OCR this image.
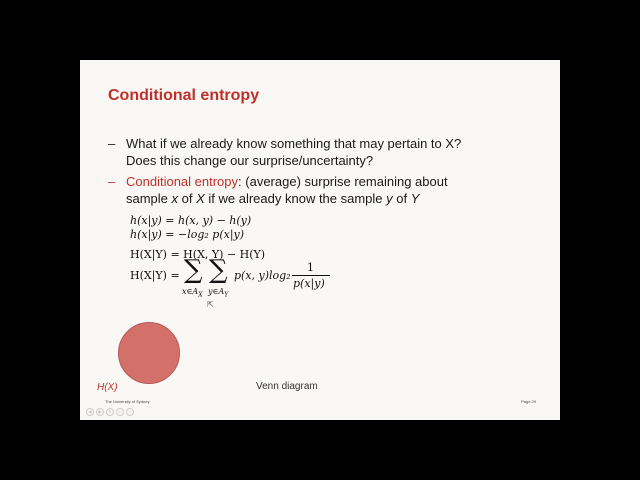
Conditional entropy
– What if we already know something that may pertain to X?
Does this change our surprise/uncertainty?
– Conditional entropy: (average) surprise remaining about
sample x of X if we already know the sample y of Y
h(x|y) = h(x, y) − h(y)
h(x|y) = −log₂ p(x|y)
H(X|Y) = H(X, Y) − H(Y)
H(X|Y) = ∑
$x\in A_X$
∑
$y\in A_Y$
p(x, y)log₂
1
p(x|y)
⇱
H(X)	Venn diagram
The University of Sydney	Page 29
◀	▶	✎	⌕	⋯
